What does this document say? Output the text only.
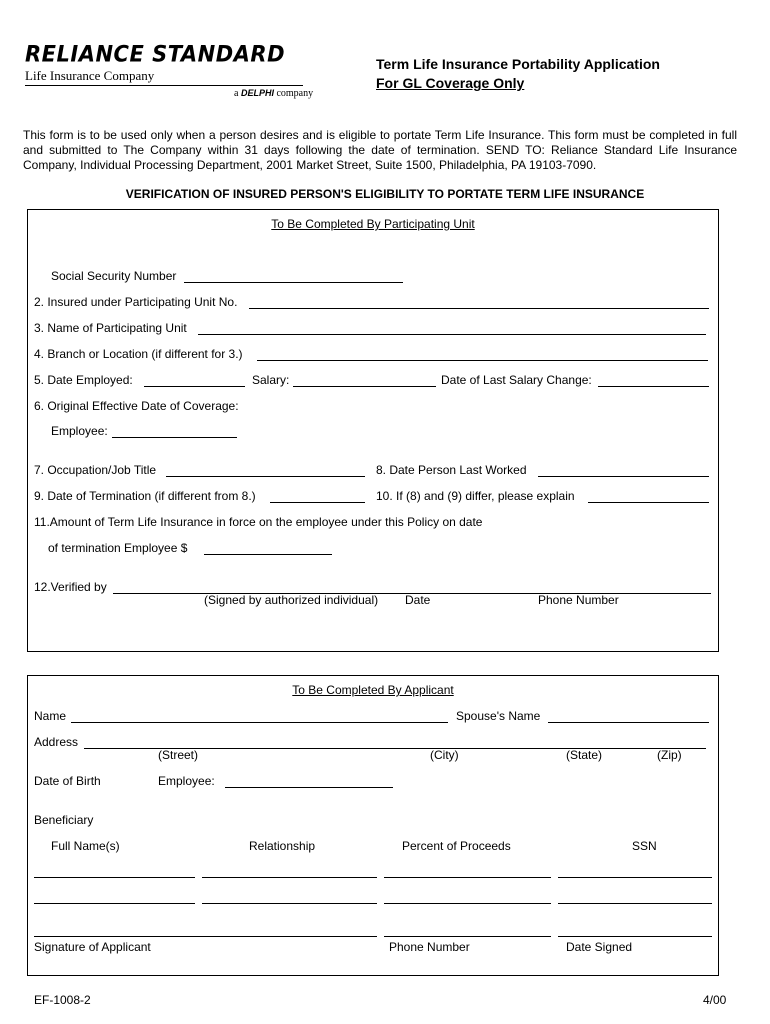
RELIANCE STANDARD
Life Insurance Company
a DELPHI company
Term Life Insurance Portability Application
For GL Coverage Only
This form is to be used only when a person desires and is eligible to portate Term Life Insurance. This form must be completed in full and submitted to The Company within 31 days following the date of termination. SEND TO: Reliance Standard Life Insurance Company, Individual Processing Department, 2001 Market Street, Suite 1500, Philadelphia, PA 19103-7090.
VERIFICATION OF INSURED PERSON'S ELIGIBILITY TO PORTATE TERM LIFE INSURANCE
To Be Completed By Participating Unit
Social Security Number
2. Insured under Participating Unit No.
3. Name of Participating Unit
4. Branch or Location (if different for 3.)
5. Date Employed:	Salary:	Date of Last Salary Change:
6. Original Effective Date of Coverage:
Employee:
7. Occupation/Job Title	8. Date Person Last Worked
9. Date of Termination (if different from 8.)	10. If (8) and (9) differ, please explain
11.Amount of Term Life Insurance in force on the employee under this Policy on date
of termination Employee $
12.Verified by
(Signed by authorized individual) Date	Phone Number
To Be Completed By Applicant
Name	Spouse's Name
Address
(Street)	(City)	(State)	(Zip)
Date of Birth	Employee:
Beneficiary
Full Name(s)	Relationship	Percent of Proceeds	SSN
Signature of Applicant	Phone Number	Date Signed
EF-1008-2	4/00
